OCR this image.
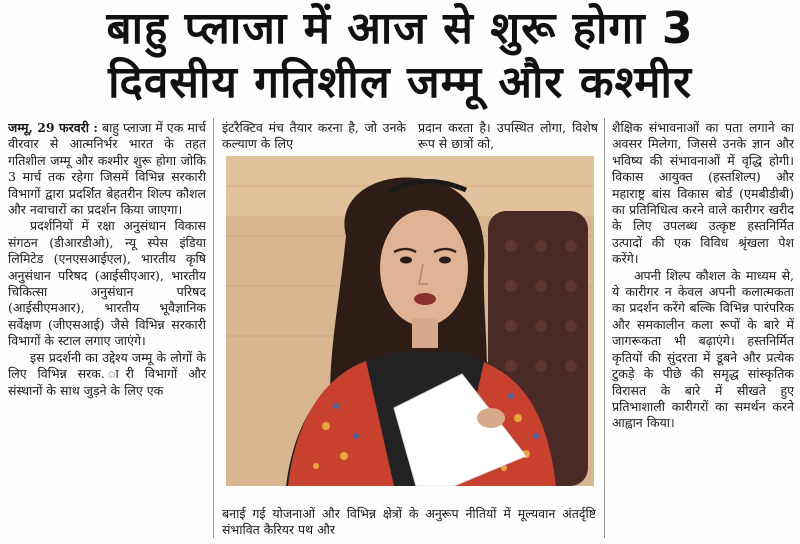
बाहु प्लाजा में आज से शुरू होगा 3
दिवसीय गतिशील जम्मू और कश्मीर

जम्मू, 29 फरवरी : बाहु प्लाजा में एक मार्च वीरवार से आत्मनिर्भर भारत के तहत गतिशील जम्मू और कश्मीर शुरू होगा जोकि 3 मार्च तक रहेगा जिसमें विभिन्न सरकारी विभागों द्वारा प्रदर्शित बेहतरीन शिल्प कौशल और नवाचारों का प्रदर्शन किया जाएगा।

प्रदर्शनियों में रक्षा अनुसंधान विकास संगठन (डीआरडीओ), न्यू स्पेस इंडिया लिमिटेड (एनएसआईएल), भारतीय कृषि अनुसंधान परिषद (आईसीएआर), भारतीय चिकित्सा अनुसंधान परिषद (आईसीएमआर), भारतीय भूवैज्ञानिक सर्वेक्षण (जीएसआई) जैसे विभिन्न सरकारी विभागों के स्टाल लगाए जाएंगे।

इस प्रदर्शनी का उद्देश्य जम्मू के लोगों के लिए विभिन्न सरक. ारी विभागों और संस्थानों के साथ जुड़ने के लिए एक

इंटरैक्टिव मंच तैयार करना है, जो उनके कल्याण के लिए

प्रदान करता है। उपस्थित लोगा, विशेष रूप से छात्रों को,

बनाई गई योजनाओं और विभिन्न क्षेत्रों के अनुरूप नीतियों में मूल्यवान अंतर्दृष्टि संभावित कैरियर पथ और

शैक्षिक संभावनाओं का पता लगाने का अवसर मिलेगा, जिससे उनके ज्ञान और भविष्य की संभावनाओं में वृद्धि होगी। विकास आयुक्त (हस्तशिल्प) और महाराष्ट्र बांस विकास बोर्ड (एमबीडीबी) का प्रतिनिधित्व करने वाले कारीगर खरीद के लिए उपलब्ध उत्कृष्ट हस्तनिर्मित उत्पादों की एक विविध श्रृंखला पेश करेंगे।

अपनी शिल्प कौशल के माध्यम से, ये कारीगर न केवल अपनी कलात्मकता का प्रदर्शन करेंगे बल्कि विभिन्न पारंपरिक और समकालीन कला रूपों के बारे में जागरूकता भी बढ़ाएंगे। हस्तनिर्मित कृतियों की सुंदरता में डूबने और प्रत्येक टुकड़े के पीछे की समृद्ध सांस्कृतिक विरासत के बारे में सीखते हुए प्रतिभाशाली कारीगरों का समर्थन करने आह्वान किया।
